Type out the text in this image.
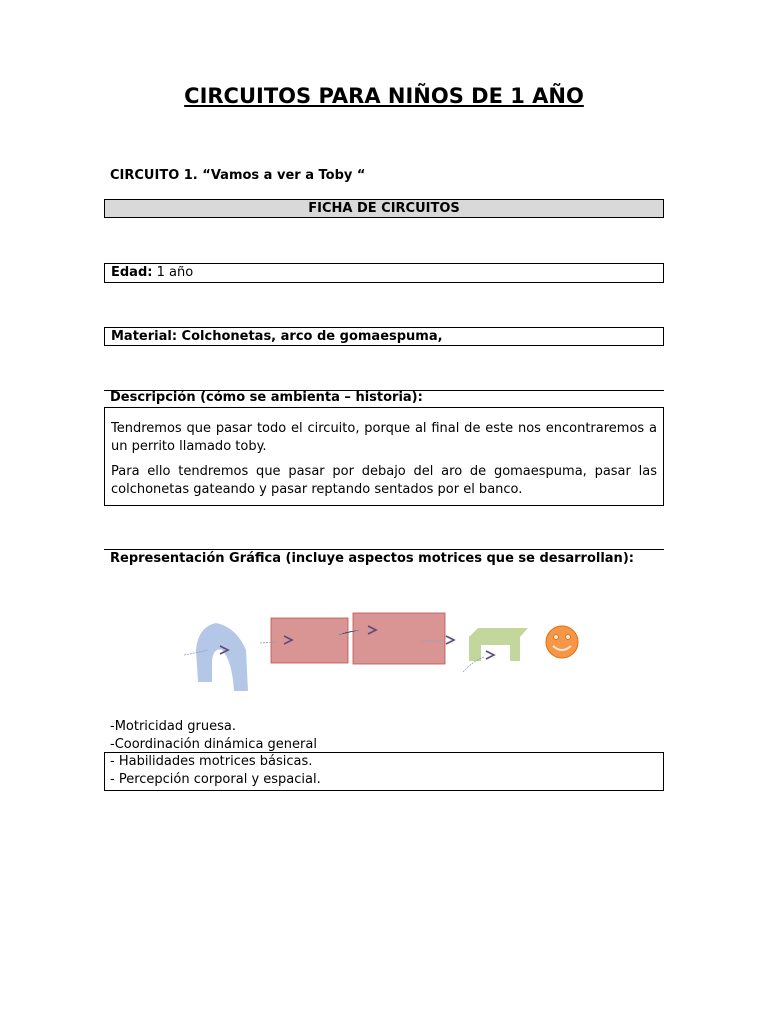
CIRCUITOS PARA NIÑOS DE 1 AÑO
CIRCUITO 1. “Vamos a ver a Toby “
FICHA DE CIRCUITOS
Edad: 1 año
Material: Colchonetas, arco de gomaespuma,
Descripción (cómo se ambienta – historia):

Tendremos que pasar todo el circuito, porque al final de este nos encontraremos a un perrito llamado toby.

Para ello tendremos que pasar por debajo del aro de gomaespuma, pasar las colchonetas gateando y pasar reptando sentados por el banco.

Representación Gráfica (incluye aspectos motrices que se desarrollan):
-Motricidad gruesa.
-Coordinación dinámica general
- Habilidades motrices básicas.
- Percepción corporal y espacial.
